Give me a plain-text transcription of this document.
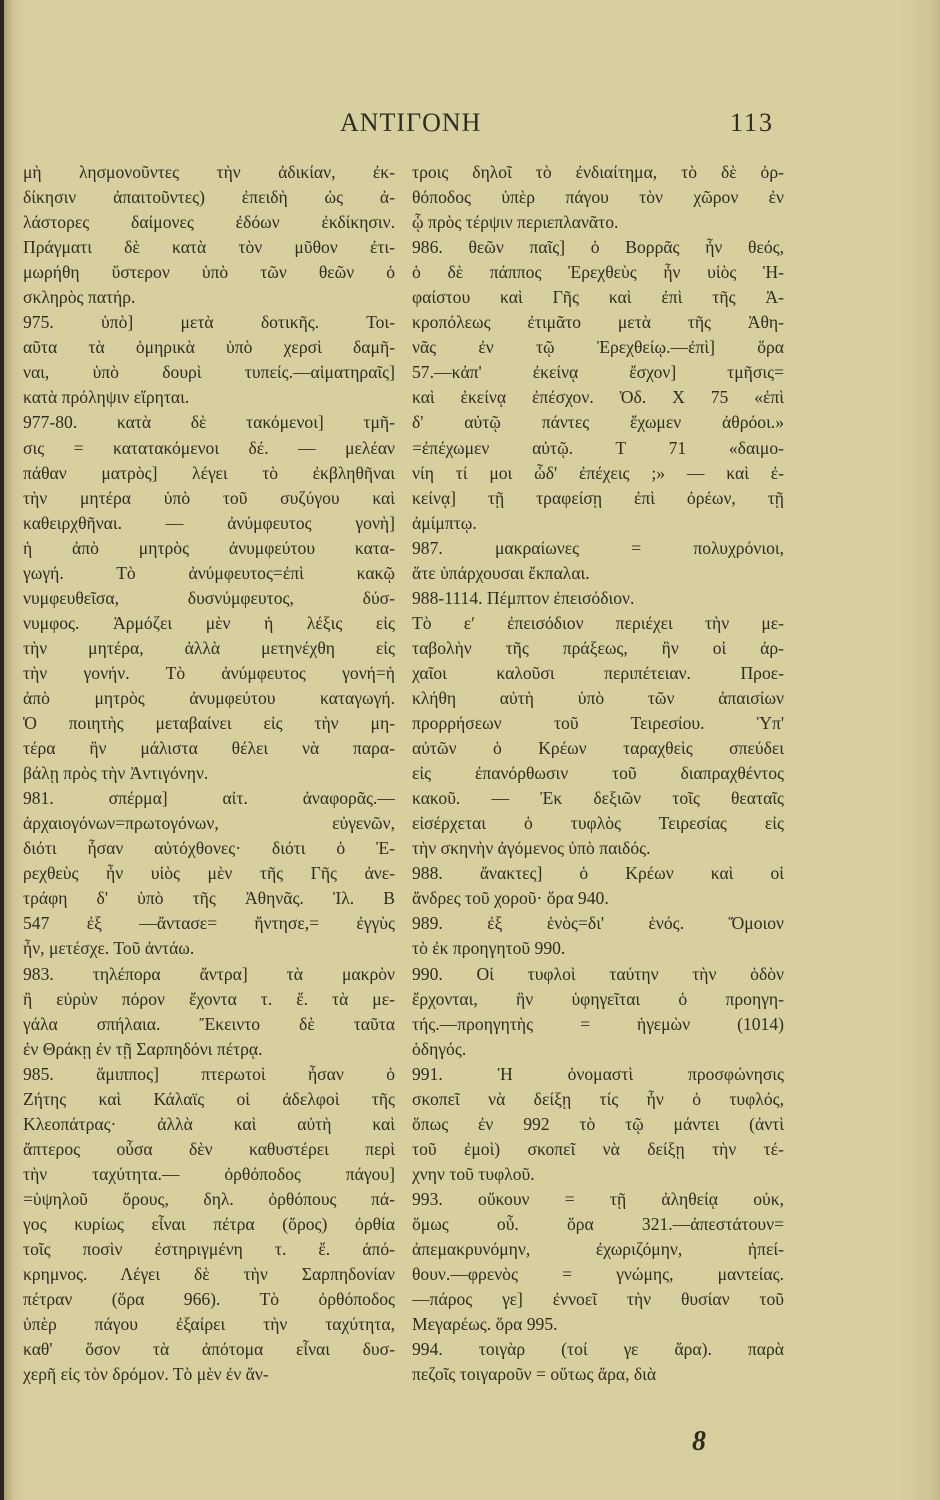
ΑΝΤΙΓΟΝΗ	113
μὴ λησμονοῦντες τὴν ἀδικίαν, ἐκ-
δίκησιν ἀπαιτοῦντες) ἐπειδὴ ὡς ἀ-
λάστορες δαίμονες ἐδόων ἐκδίκησιν.
Πράγματι δὲ κατὰ τὸν μῦθον ἐτι-
μωρήθη ὕστερον ὑπὸ τῶν θεῶν ὁ
σκληρὸς πατήρ.
975. ὑπὸ] μετὰ δοτικῆς. Τοι-
αῦτα τὰ ὁμηρικὰ ὑπὸ χερσὶ δαμῆ-
ναι, ὑπὸ δουρὶ τυπείς.—αἱματηραῖς]
κατὰ πρόληψιν εἴρηται.
977-80. κατὰ δὲ τακόμενοι] τμῆ-
σις = κατατακόμενοι δέ. — μελέαν
πάθαν ματρὸς] λέγει τὸ ἐκβληθῆναι
τὴν μητέρα ὑπὸ τοῦ συζύγου καὶ
καθειρχθῆναι. — ἀνύμφευτος γονὴ]
ἡ ἀπὸ μητρὸς ἀνυμφεύτου κατα-
γωγή. Τὸ ἀνύμφευτος=ἐπὶ κακῷ
νυμφευθεῖσα, δυσνύμφευτος, δύσ-
νυμφος. Ἁρμόζει μὲν ἡ λέξις εἰς
τὴν μητέρα, ἀλλὰ μετηνέχθη εἰς
τὴν γονήν. Τὸ ἀνύμφευτος γονή=ἡ
ἀπὸ μητρὸς ἀνυμφεύτου καταγωγή.
Ὁ ποιητὴς μεταβαίνει εἰς τὴν μη-
τέρα ἣν μάλιστα θέλει νὰ παρα-
βάλῃ πρὸς τὴν Ἀντιγόνην.
981. σπέρμα] αἰτ. ἀναφορᾶς.—
ἀρχαιογόνων=πρωτογόνων, εὐγενῶν,
διότι ἦσαν αὐτόχθονες· διότι ὁ Ἐ-
ρεχθεὺς ἦν υἱὸς μὲν τῆς Γῆς ἀνε-
τράφη δ' ὑπὸ τῆς Ἀθηνᾶς. Ἰλ. Β
547 ἐξ —ἄντασε= ἤντησε,= ἐγγὺς
ἦν, μετέσχε. Τοῦ ἀντάω.
983. τηλέπορα ἄντρα] τὰ μακρὸν
ἢ εὐρὺν πόρον ἔχοντα τ. ἔ. τὰ με-
γάλα σπήλαια. Ἔκειντο δὲ ταῦτα
ἐν Θράκῃ ἐν τῇ Σαρπηδόνι πέτρᾳ.
985. ἅμιππος] πτερωτοὶ ἦσαν ὁ
Ζήτης καὶ Κάλαϊς οἱ ἀδελφοὶ τῆς
Κλεοπάτρας· ἀλλὰ καὶ αὐτὴ καὶ
ἄπτερος οὖσα δὲν καθυστέρει περὶ
τὴν ταχύτητα.— ὀρθόποδος πάγου]
=ὑψηλοῦ ὄρους, δηλ. ὀρθόπους πά-
γος κυρίως εἶναι πέτρα (ὄρος) ὀρθία
τοῖς ποσὶν ἐστηριγμένη τ. ἔ. ἀπό-
κρημνος. Λέγει δὲ τὴν Σαρπηδονίαν
πέτραν (ὅρα 966). Τὸ ὀρθόποδος
ὑπὲρ πάγου ἐξαίρει τὴν ταχύτητα,
καθ' ὅσον τὰ ἀπότομα εἶναι δυσ-
χερῆ εἰς τὸν δρόμον. Τὸ μὲν ἐν ἄν-
τροις δηλοῖ τὸ ἐνδιαίτημα, τὸ δὲ ὀρ-
θόποδος ὑπὲρ πάγου τὸν χῶρον ἐν
ᾧ πρὸς τέρψιν περιεπλανᾶτο.
986. θεῶν παῖς] ὁ Βορρᾶς ἦν θεός,
ὁ δὲ πάππος Ἐρεχθεὺς ἦν υἱὸς Ἡ-
φαίστου καὶ Γῆς καὶ ἐπὶ τῆς Ἀ-
κροπόλεως ἐτιμᾶτο μετὰ τῆς Ἀθη-
νᾶς ἐν τῷ Ἐρεχθείῳ.—ἐπὶ] ὅρα
57.—κἀπ' ἐκείνᾳ ἔσχον] τμῆσις=
καὶ ἐκείνᾳ ἐπέσχον. Ὀδ. Χ 75 «ἐπὶ
δ' αὐτῷ πάντες ἔχωμεν ἀθρόοι.»
=ἐπέχωμεν αὐτῷ. Τ 71 «δαιμο-
νίη τί μοι ὧδ' ἐπέχεις ;» — καὶ ἐ-
κείνᾳ] τῇ τραφείσῃ ἐπὶ ὀρέων, τῇ
ἀμίμπτῳ.
987. μακραίωνες = πολυχρόνιοι,
ἅτε ὑπάρχουσαι ἔκπαλαι.
988-1114. Πέμπτον ἐπεισόδιον.
Τὸ εʹ ἐπεισόδιον περιέχει τὴν με-
ταβολὴν τῆς πράξεως, ἣν οἱ ἀρ-
χαῖοι καλοῦσι περιπέτειαν. Προε-
κλήθη αὐτὴ ὑπὸ τῶν ἀπαισίων
προρρήσεων τοῦ Τειρεσίου. Ὑπ'
αὐτῶν ὁ Κρέων ταραχθεὶς σπεύδει
εἰς ἐπανόρθωσιν τοῦ διαπραχθέντος
κακοῦ. — Ἐκ δεξιῶν τοῖς θεαταῖς
εἰσέρχεται ὁ τυφλὸς Τειρεσίας εἰς
τὴν σκηνὴν ἀγόμενος ὑπὸ παιδός.
988. ἄνακτες] ὁ Κρέων καὶ οἱ
ἄνδρες τοῦ χοροῦ· ὅρα 940.
989. ἐξ ἑνὸς=δι' ἑνός. Ὅμοιον
τὸ ἐκ προηγητοῦ 990.
990. Οἱ τυφλοὶ ταύτην τὴν ὁδὸν
ἔρχονται, ἣν ὑφηγεῖται ὁ προηγη-
τής.—προηγητὴς = ἡγεμὼν (1014)
ὁδηγός.
991. Ἡ ὀνομαστὶ προσφώνησις
σκοπεῖ νὰ δείξῃ τίς ἦν ὁ τυφλός,
ὅπως ἐν 992 τὸ τῷ μάντει (ἀντὶ
τοῦ ἐμοὶ) σκοπεῖ νὰ δείξῃ τὴν τέ-
χνην τοῦ τυφλοῦ.
993. οὔκουν = τῇ ἀληθείᾳ οὐκ,
ὅμως οὖ. ὅρα 321.—ἀπεστάτουν=
ἀπεμακρυνόμην, ἐχωριζόμην, ἠπεί-
θουν.—φρενὸς = γνώμης, μαντείας.
—πάρος γε] ἐννοεῖ τὴν θυσίαν τοῦ
Μεγαρέως. ὅρα 995.
994. τοιγὰρ (τοί γε ἄρα). παρὰ
πεζοῖς τοιγαροῦν = οὕτως ἄρα, διὰ
8
